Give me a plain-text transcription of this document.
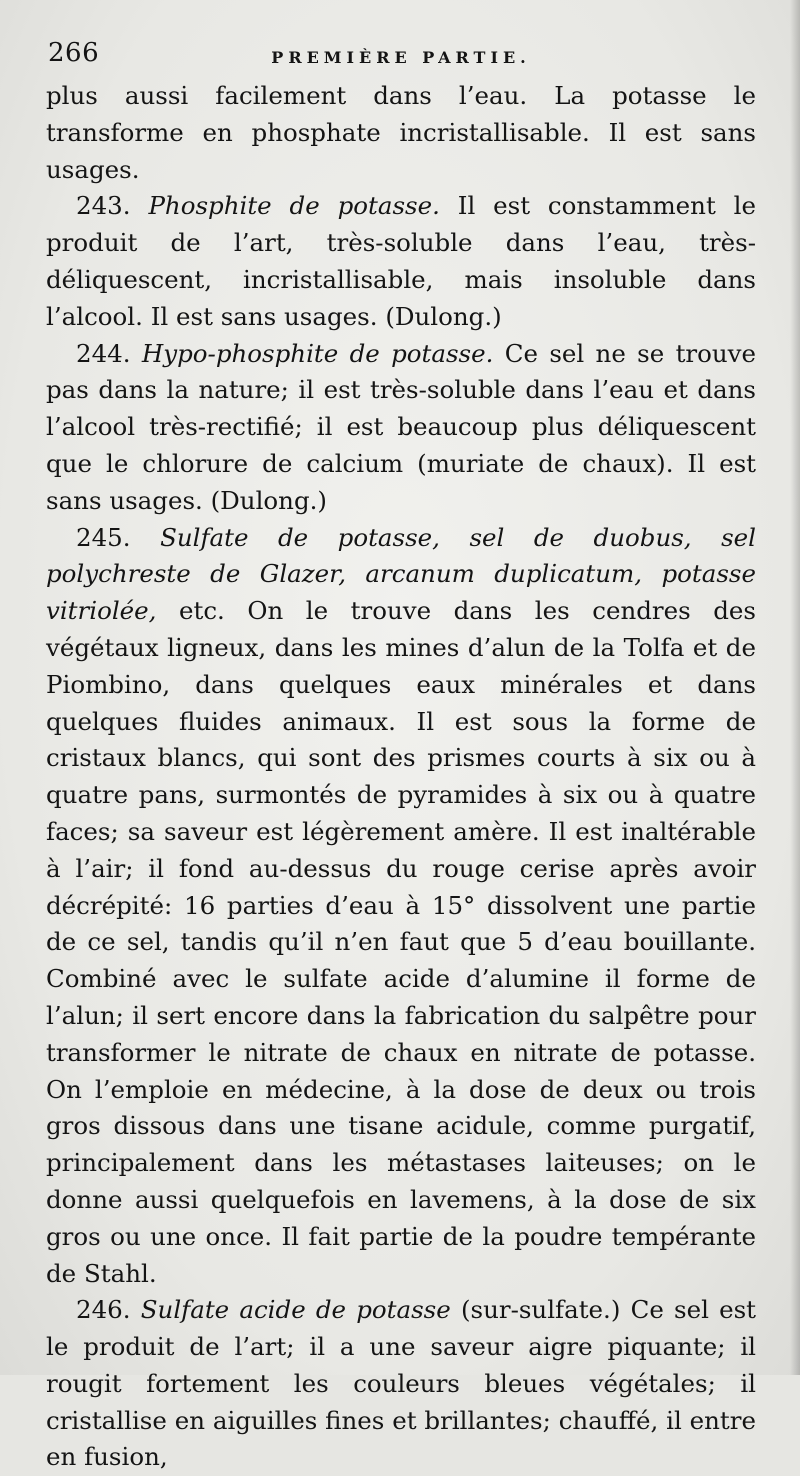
266	PREMIÈRE PARTIE.

plus aussi facilement dans l’eau. La potasse le transforme en phosphate incristallisable. Il est sans usages.

243. Phosphite de potasse. Il est constamment le produit de l’art, très-soluble dans l’eau, très-déliquescent, incristallisable, mais insoluble dans l’alcool. Il est sans usages. (Dulong.)

244. Hypo-phosphite de potasse. Ce sel ne se trouve pas dans la nature; il est très-soluble dans l’eau et dans l’alcool très-rectifié; il est beaucoup plus déliquescent que le chlorure de calcium (muriate de chaux). Il est sans usages. (Dulong.)

245. Sulfate de potasse, sel de duobus, sel polychreste de Glazer, arcanum duplicatum, potasse vitriolée, etc. On le trouve dans les cendres des végétaux ligneux, dans les mines d’alun de la Tolfa et de Piombino, dans quelques eaux minérales et dans quelques fluides animaux. Il est sous la forme de cristaux blancs, qui sont des prismes courts à six ou à quatre pans, surmontés de pyramides à six ou à quatre faces; sa saveur est légèrement amère. Il est inaltérable à l’air; il fond au-dessus du rouge cerise après avoir décrépité: 16 parties d’eau à 15° dissolvent une partie de ce sel, tandis qu’il n’en faut que 5 d’eau bouillante. Combiné avec le sulfate acide d’alumine il forme de l’alun; il sert encore dans la fabrication du salpêtre pour transformer le nitrate de chaux en nitrate de potasse. On l’emploie en médecine, à la dose de deux ou trois gros dissous dans une tisane acidule, comme purgatif, principalement dans les métastases laiteuses; on le donne aussi quelquefois en lavemens, à la dose de six gros ou une once. Il fait partie de la poudre tempérante de Stahl.

246. Sulfate acide de potasse (sur-sulfate.) Ce sel est le produit de l’art; il a une saveur aigre piquante; il rougit fortement les couleurs bleues végétales; il cristallise en aiguilles fines et brillantes; chauffé, il entre en fusion,
